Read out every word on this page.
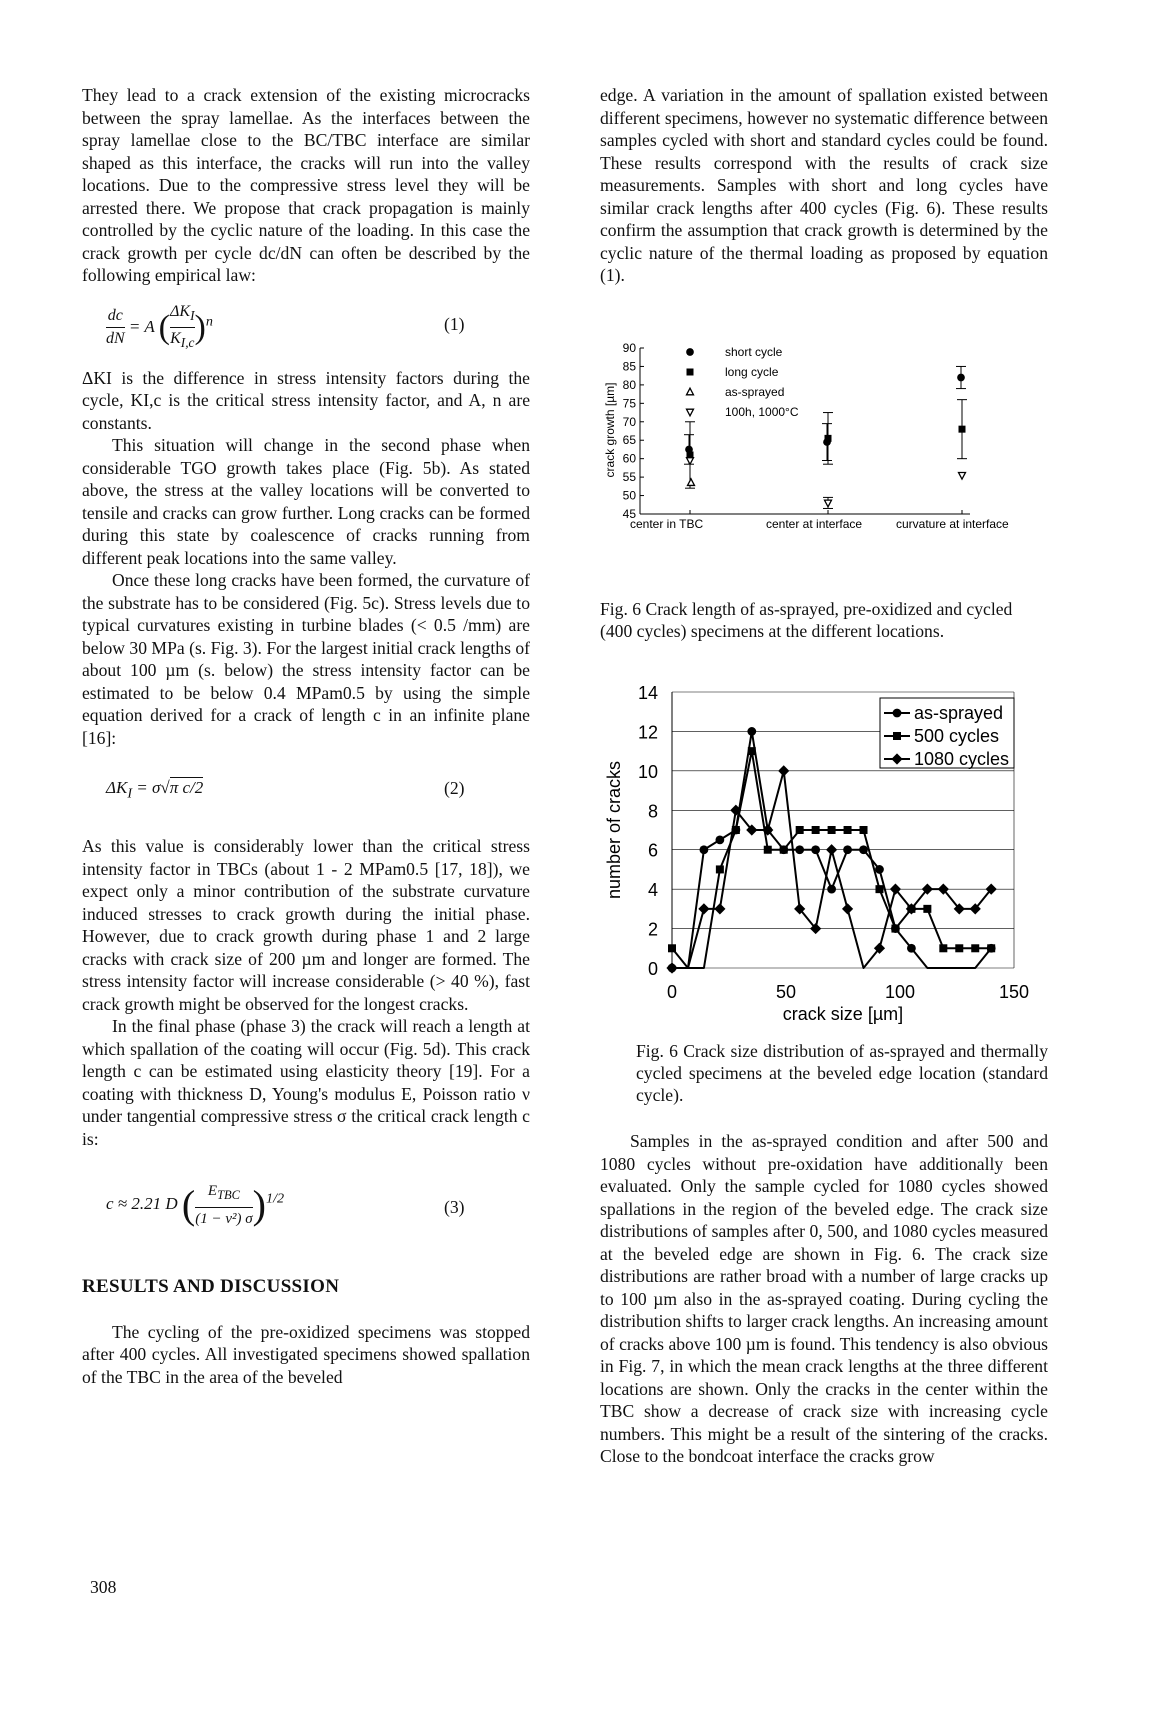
They lead to a crack extension of the existing microcracks between the spray lamellae. As the interfaces between the spray lamellae close to the BC/TBC interface are similar shaped as this interface, the cracks will run into the valley locations. Due to the compressive stress level they will be arrested there. We propose that crack propagation is mainly controlled by the cyclic nature of the loading. In this case the crack growth per cycle dc/dN can often be described by the following empirical law:

$\frac{dc}{dN} = A$ ( $\frac{\Delta K_I}{K_{I,c}} )^n$	(1)

ΔKI is the difference in stress intensity factors during the cycle, KI,c is the critical stress intensity factor, and A, n are constants.

This situation will change in the second phase when considerable TGO growth takes place (Fig. 5b). As stated above, the stress at the valley locations will be converted to tensile and cracks can grow further. Long cracks can be formed during this state by coalescence of cracks running from different peak locations into the same valley.

Once these long cracks have been formed, the curvature of the substrate has to be considered (Fig. 5c). Stress levels due to typical curvatures existing in turbine blades (< 0.5 /mm) are below 30 MPa (s. Fig. 3). For the largest initial crack lengths of about 100 µm (s. below) the stress intensity factor can be estimated to be below 0.4 MPam0.5 by using the simple equation derived for a crack of length c in an infinite plane [16]:

$\Delta K_I = \sigma√\pi$ c/2	(2)

As this value is considerably lower than the critical stress intensity factor in TBCs (about 1 - 2 MPam0.5 [17, 18]), we expect only a minor contribution of the substrate curvature induced stresses to crack growth during the initial phase. However, due to crack growth during phase 1 and 2 large cracks with crack size of 200 µm and longer are formed. The stress intensity factor will increase considerable (> 40 %), fast crack growth might be observed for the longest cracks.

In the final phase (phase 3) the crack will reach a length at which spallation of the coating will occur (Fig. 5d). This crack length c can be estimated using elasticity theory [19]. For a coating with thickness D, Young's modulus E, Poisson ratio ν under tangential compressive stress σ the critical crack length c is:

c ≈ 2.21 D ( $\frac{E_{TBC}}{\text{(1 − ν²) σ}} )^{1/2}$	(3)
RESULTS AND DISCUSSION

The cycling of the pre-oxidized specimens was stopped after 400 cycles. All investigated specimens showed spallation of the TBC in the area of the beveled

edge. A variation in the amount of spallation existed between different specimens, however no systematic difference between samples cycled with short and standard cycles could be found. These results correspond with the results of crack size measurements. Samples with short and long cycles have similar crack lengths after 400 cycles (Fig. 6). These results confirm the assumption that crack growth is determined by the cyclic nature of the thermal loading as proposed by equation (1).

45
50
55
60
65
70
75
80
85
90
crack growth [µm]
center in TBC	center at interface	curvature at interface
short cycle
long cycle
as-sprayed
100h, 1000°C
Fig. 6 Crack length of as-sprayed, pre-oxidized and cycled (400 cycles) specimens at the different locations.
0
2
4
6
8
10
12
14
0	50	100	150
crack size [µm]
number of cracks
as-sprayed
500 cycles
1080 cycles
Fig. 6 Crack size distribution of as-sprayed and thermally cycled specimens at the beveled edge location (standard cycle).

Samples in the as-sprayed condition and after 500 and 1080 cycles without pre-oxidation have additionally been evaluated. Only the sample cycled for 1080 cycles showed spallations in the region of the beveled edge. The crack size distributions of samples after 0, 500, and 1080 cycles measured at the beveled edge are shown in Fig. 6. The crack size distributions are rather broad with a number of large cracks up to 100 µm also in the as-sprayed coating. During cycling the distribution shifts to larger crack lengths. An increasing amount of cracks above 100 µm is found. This tendency is also obvious in Fig. 7, in which the mean crack lengths at the three different locations are shown. Only the cracks in the center within the TBC show a decrease of crack size with increasing cycle numbers. This might be a result of the sintering of the cracks. Close to the bondcoat interface the cracks grow

308
